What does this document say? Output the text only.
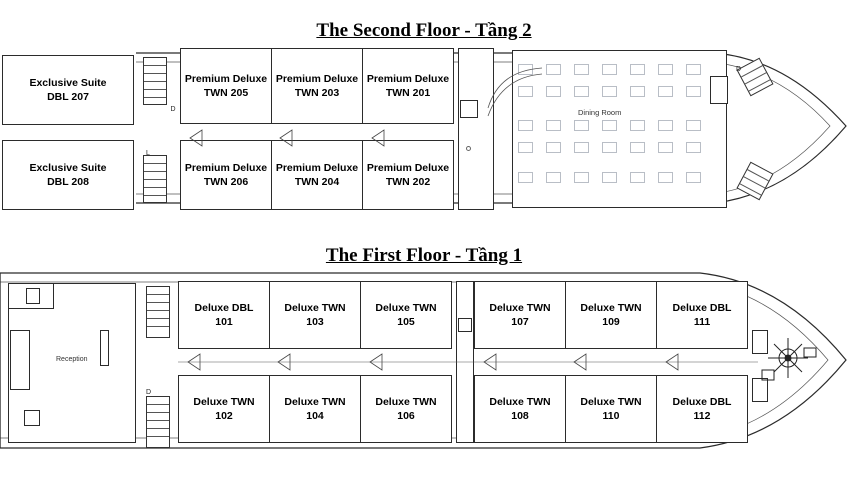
The Second Floor - Tầng 2
Exclusive Suite
DBL 207
Exclusive Suite
DBL 208
D
L
Premium Deluxe
TWN 205
Premium Deluxe
TWN 203
Premium Deluxe
TWN 201
Premium Deluxe
TWN 206
Premium Deluxe
TWN 204
Premium Deluxe
TWN 202
Dining Room
D
The First Floor - Tầng 1
Reception
D
Deluxe DBL
101
Deluxe TWN
103
Deluxe TWN
105
Deluxe TWN
107
Deluxe TWN
109
Deluxe DBL
111
Deluxe TWN
102
Deluxe TWN
104
Deluxe TWN
106
Deluxe TWN
108
Deluxe TWN
110
Deluxe DBL
112
